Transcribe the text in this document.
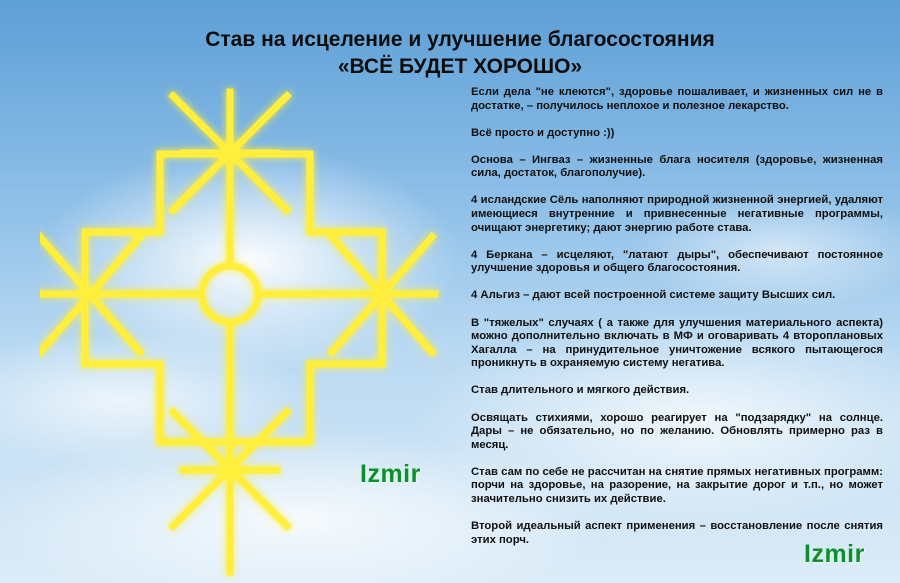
Став на исцеление и улучшение благосостояния
«ВСЁ БУДЕТ ХОРОШО»

Если дела "не клеются", здоровье пошаливает, и жизненных сил не в достатке, – получилось неплохое и полезное лекарство.

Всё просто и доступно :))

Основа – Ингваз – жизненные блага носителя (здоровье, жизненная сила, достаток, благополучие).

4 исландские Сёль наполняют природной жизненной энергией, удаляют имеющиеся внутренние и привнесенные негативные программы, очищают энергетику; дают энергию работе става.

4 Беркана – исцеляют, "латают дыры", обеспечивают постоянное улучшение здоровья и общего благосостояния.

4 Альгиз – дают всей построенной системе защиту Высших сил.

В "тяжелых" случаях ( а также для улучшения материального аспекта) можно дополнительно включать в МФ и оговаривать 4 второплановых Хагалла – на принудительное уничтожение всякого пытающегося проникнуть в охраняемую систему негатива.

Став длительного и мягкого действия.

Освящать стихиями, хорошо реагирует на "подзарядку" на солнце. Дары – не обязательно, но по желанию. Обновлять примерно раз в месяц.

Став сам по себе не рассчитан на снятие прямых негативных программ: порчи на здоровье, на разорение, на закрытие дорог и т.п., но может значительно снизить их действие.

Второй идеальный аспект применения – восстановление после снятия этих порч.

Izmir
Izmir
